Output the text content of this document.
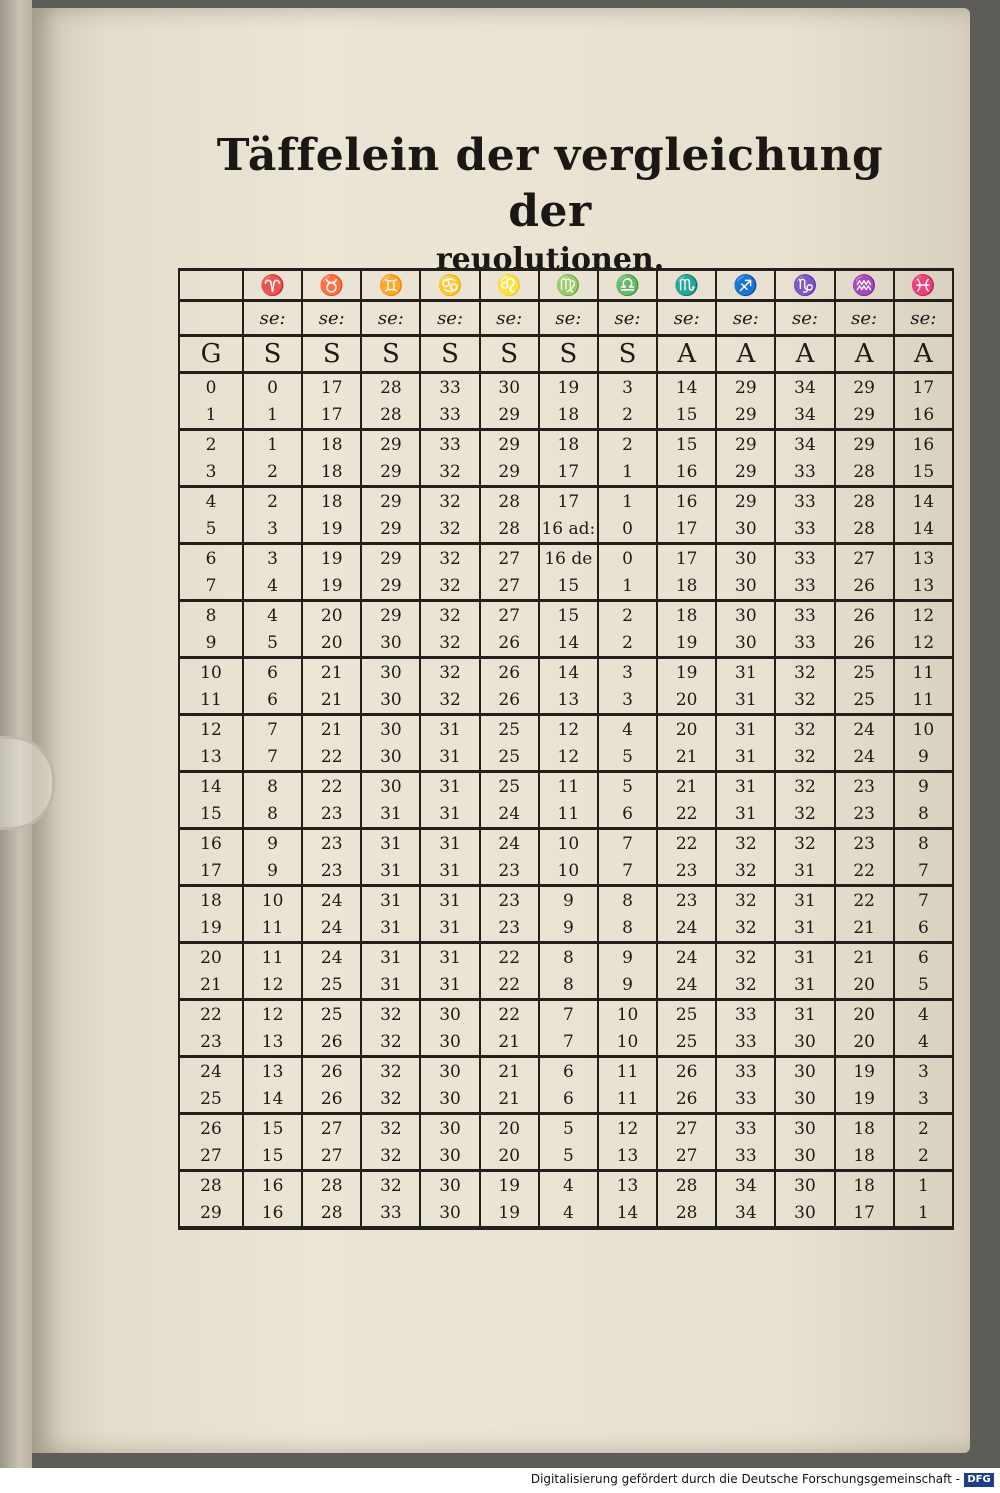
Täffelein der vergleichung der
reuolutionen.
	♈	♉	♊	♋	♌	♍	♎	♏	♐	♑	♒	♓
	se:	se:	se:	se:	se:	se:	se:	se:	se:	se:	se:	se:
G	S	S	S	S	S	S	S	A	A	A	A	A
0	0	17	28	33	30	19	3	14	29	34	29	17
1	1	17	28	33	29	18	2	15	29	34	29	16
2	1	18	29	33	29	18	2	15	29	34	29	16
3	2	18	29	32	29	17	1	16	29	33	28	15
4	2	18	29	32	28	17	1	16	29	33	28	14
5	3	19	29	32	28	16 ad:	0	17	30	33	28	14
6	3	19	29	32	27	16 de	0	17	30	33	27	13
7	4	19	29	32	27	15	1	18	30	33	26	13
8	4	20	29	32	27	15	2	18	30	33	26	12
9	5	20	30	32	26	14	2	19	30	33	26	12
10	6	21	30	32	26	14	3	19	31	32	25	11
11	6	21	30	32	26	13	3	20	31	32	25	11
12	7	21	30	31	25	12	4	20	31	32	24	10
13	7	22	30	31	25	12	5	21	31	32	24	9
14	8	22	30	31	25	11	5	21	31	32	23	9
15	8	23	31	31	24	11	6	22	31	32	23	8
16	9	23	31	31	24	10	7	22	32	32	23	8
17	9	23	31	31	23	10	7	23	32	31	22	7
18	10	24	31	31	23	9	8	23	32	31	22	7
19	11	24	31	31	23	9	8	24	32	31	21	6
20	11	24	31	31	22	8	9	24	32	31	21	6
21	12	25	31	31	22	8	9	24	32	31	20	5
22	12	25	32	30	22	7	10	25	33	31	20	4
23	13	26	32	30	21	7	10	25	33	30	20	4
24	13	26	32	30	21	6	11	26	33	30	19	3
25	14	26	32	30	21	6	11	26	33	30	19	3
26	15	27	32	30	20	5	12	27	33	30	18	2
27	15	27	32	30	20	5	13	27	33	30	18	2
28	16	28	32	30	19	4	13	28	34	30	18	1
29	16	28	33	30	19	4	14	28	34	30	17	1
Digitalisierung gefördert durch die Deutsche Forschungsgemeinschaft - DFG
